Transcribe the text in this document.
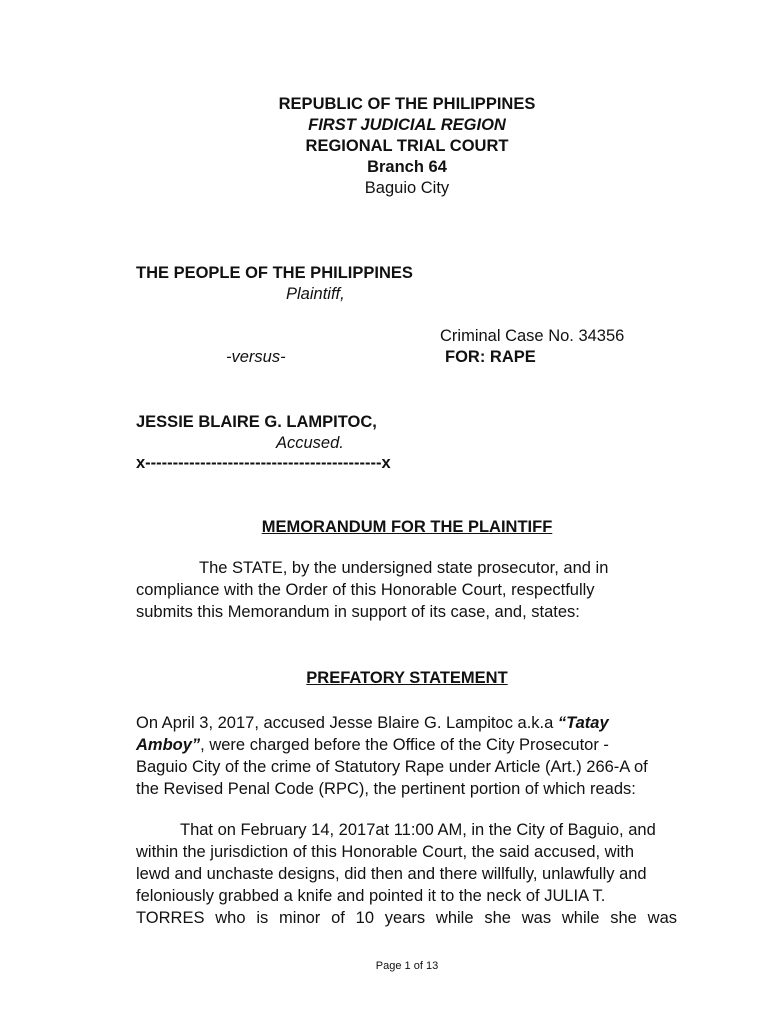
REPUBLIC OF THE PHILIPPINES
FIRST JUDICIAL REGION
REGIONAL TRIAL COURT
Branch 64
Baguio City
THE PEOPLE OF THE PHILIPPINES
Plaintiff,
Criminal Case No. 34356
-versus-	FOR: RAPE
JESSIE BLAIRE G. LAMPITOC,
Accused.
x-------------------------------------------x
MEMORANDUM FOR THE PLAINTIFF
The STATE, by the undersigned state prosecutor, and in
compliance with the Order of this Honorable Court, respectfully
submits this Memorandum in support of its case, and, states:
PREFATORY STATEMENT
On April 3, 2017, accused Jesse Blaire G. Lampitoc a.k.a “Tatay
Amboy”, were charged before the Office of the City Prosecutor -
Baguio City of the crime of Statutory Rape under Article (Art.) 266-A of
the Revised Penal Code (RPC), the pertinent portion of which reads:
That on February 14, 2017at 11:00 AM, in the City of Baguio, and
within the jurisdiction of this Honorable Court, the said accused, with
lewd and unchaste designs, did then and there willfully, unlawfully and
feloniously grabbed a knife and pointed it to the neck of JULIA T.
TORRES who is minor of 10 years while she was while she was
Page 1 of 13
